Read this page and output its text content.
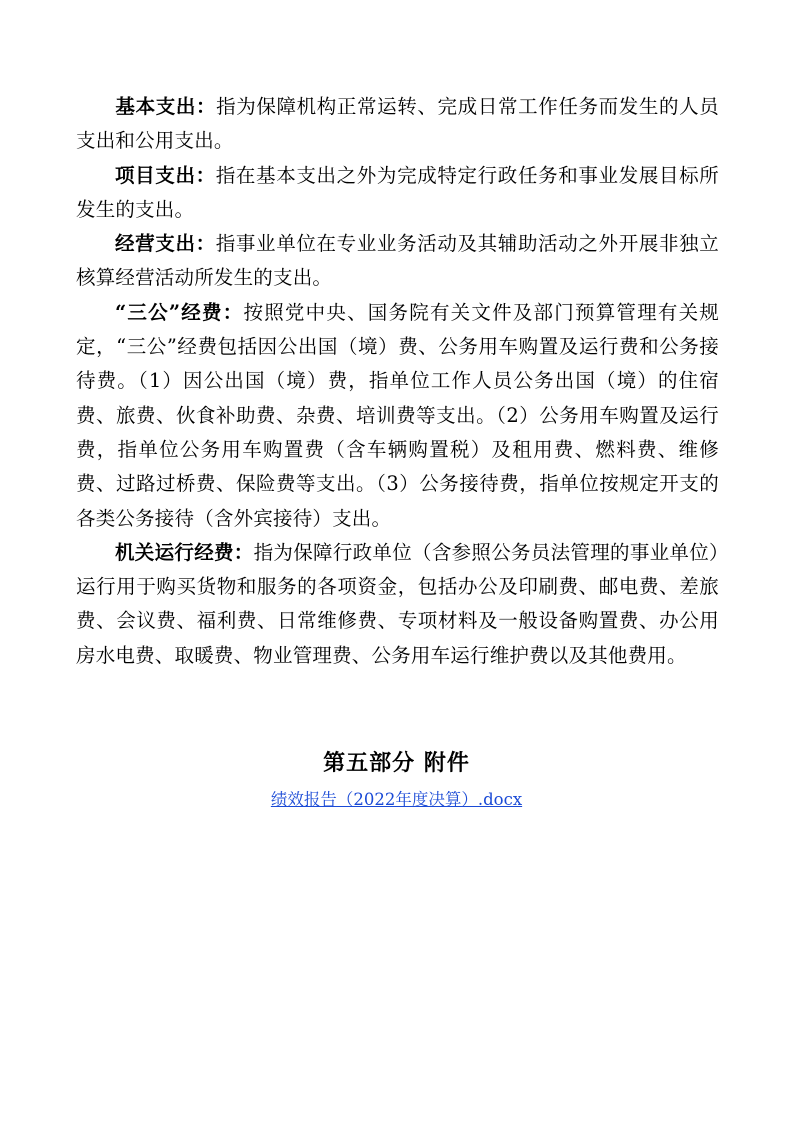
基本支出：指为保障机构正常运转、完成日常工作任务而发生的人员支出和公用支出。

项目支出：指在基本支出之外为完成特定行政任务和事业发展目标所发生的支出。

经营支出：指事业单位在专业业务活动及其辅助活动之外开展非独立核算经营活动所发生的支出。

“三公”经费：按照党中央、国务院有关文件及部门预算管理有关规定，“三公”经费包括因公出国（境）费、公务用车购置及运行费和公务接待费。（1）因公出国（境）费，指单位工作人员公务出国（境）的住宿费、旅费、伙食补助费、杂费、培训费等支出。（2）公务用车购置及运行费，指单位公务用车购置费（含车辆购置税）及租用费、燃料费、维修费、过路过桥费、保险费等支出。（3）公务接待费，指单位按规定开支的各类公务接待（含外宾接待）支出。

机关运行经费：指为保障行政单位（含参照公务员法管理的事业单位）运行用于购买货物和服务的各项资金，包括办公及印刷费、邮电费、差旅费、会议费、福利费、日常维修费、专项材料及一般设备购置费、办公用房水电费、取暖费、物业管理费、公务用车运行维护费以及其他费用。

第五部分 附件
绩效报告（2022年度决算）.docx
